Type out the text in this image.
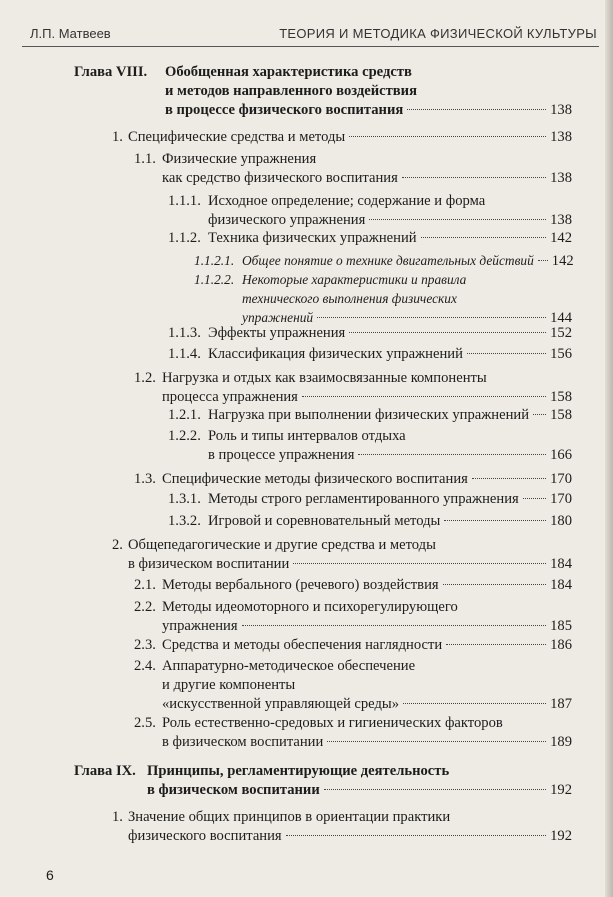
Л.П. Матвеев	ТЕОРИЯ И МЕТОДИКА ФИЗИЧЕСКОЙ КУЛЬТУРЫ
Глава VIII. Обобщенная характеристика средств
и методов направленного воздействия
в процессе физического воспитания	138
1. Специфические средства и методы	138
1.1. Физические упражнения
как средство физического воспитания	138
1.1.1. Исходное определение; содержание и форма
физического упражнения	138
1.1.2. Техника физических упражнений	142
1.1.2.1. Общее понятие о технике двигательных действий 142
1.1.2.2. Некоторые характеристики и правила
технического выполнения физических
упражнений	144
1.1.3. Эффекты упражнения	152
1.1.4. Классификация физических упражнений	156
1.2. Нагрузка и отдых как взаимосвязанные компоненты
процесса упражнения	158
1.2.1. Нагрузка при выполнении физических упражнений 158
1.2.2. Роль и типы интервалов отдыха
в процессе упражнения	166
1.3. Специфические методы физического воспитания	170
1.3.1. Методы строго регламентированного упражнения 170
1.3.2. Игровой и соревновательный методы	180
2. Общепедагогические и другие средства и методы
в физическом воспитании	184
2.1. Методы вербального (речевого) воздействия	184
2.2. Методы идеомоторного и психорегулирующего
упражнения	185
2.3. Средства и методы обеспечения наглядности	186
2.4. Аппаратурно-методическое обеспечение
и другие компоненты
«искусственной управляющей среды»	187
2.5. Роль естественно-средовых и гигиенических факторов
в физическом воспитании	189
Глава IX. Принципы, регламентирующие деятельность
в физическом воспитании	192
1. Значение общих принципов в ориентации практики
физического воспитания	192
6
